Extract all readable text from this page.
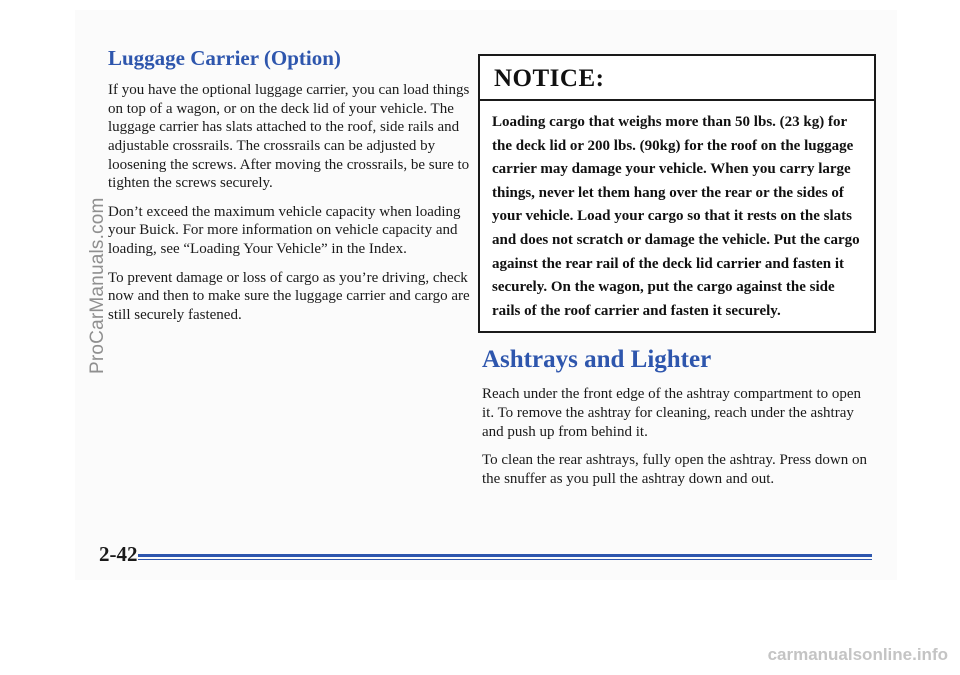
Luggage Carrier (Option)

If you have the optional luggage carrier, you can load things on top of a wagon, or on the deck lid of your vehicle. The luggage carrier has slats attached to the roof, side rails and adjustable crossrails. The crossrails can be adjusted by loosening the screws. After moving the crossrails, be sure to tighten the screws securely.

Don’t exceed the maximum vehicle capacity when loading your Buick. For more information on vehicle capacity and loading, see “Loading Your Vehicle” in the Index.

To prevent damage or loss of cargo as you’re driving, check now and then to make sure the luggage carrier and cargo are still securely fastened.

NOTICE:
Loading cargo that weighs more than 50 lbs. (23 kg) for the deck lid or 200 lbs. (90kg) for the roof on the luggage carrier may damage your vehicle. When you carry large things, never let them hang over the rear or the sides of your vehicle. Load your cargo so that it rests on the slats and does not scratch or damage the vehicle. Put the cargo against the rear rail of the deck lid carrier and fasten it securely. On the wagon, put the cargo against the side rails of the roof carrier and fasten it securely.
Ashtrays and Lighter

Reach under the front edge of the ashtray compartment to open it. To remove the ashtray for cleaning, reach under the ashtray and push up from behind it.

To clean the rear ashtrays, fully open the ashtray. Press down on the snuffer as you pull the ashtray down and out.

ProCarManuals.com
2-42
carmanualsonline.info
